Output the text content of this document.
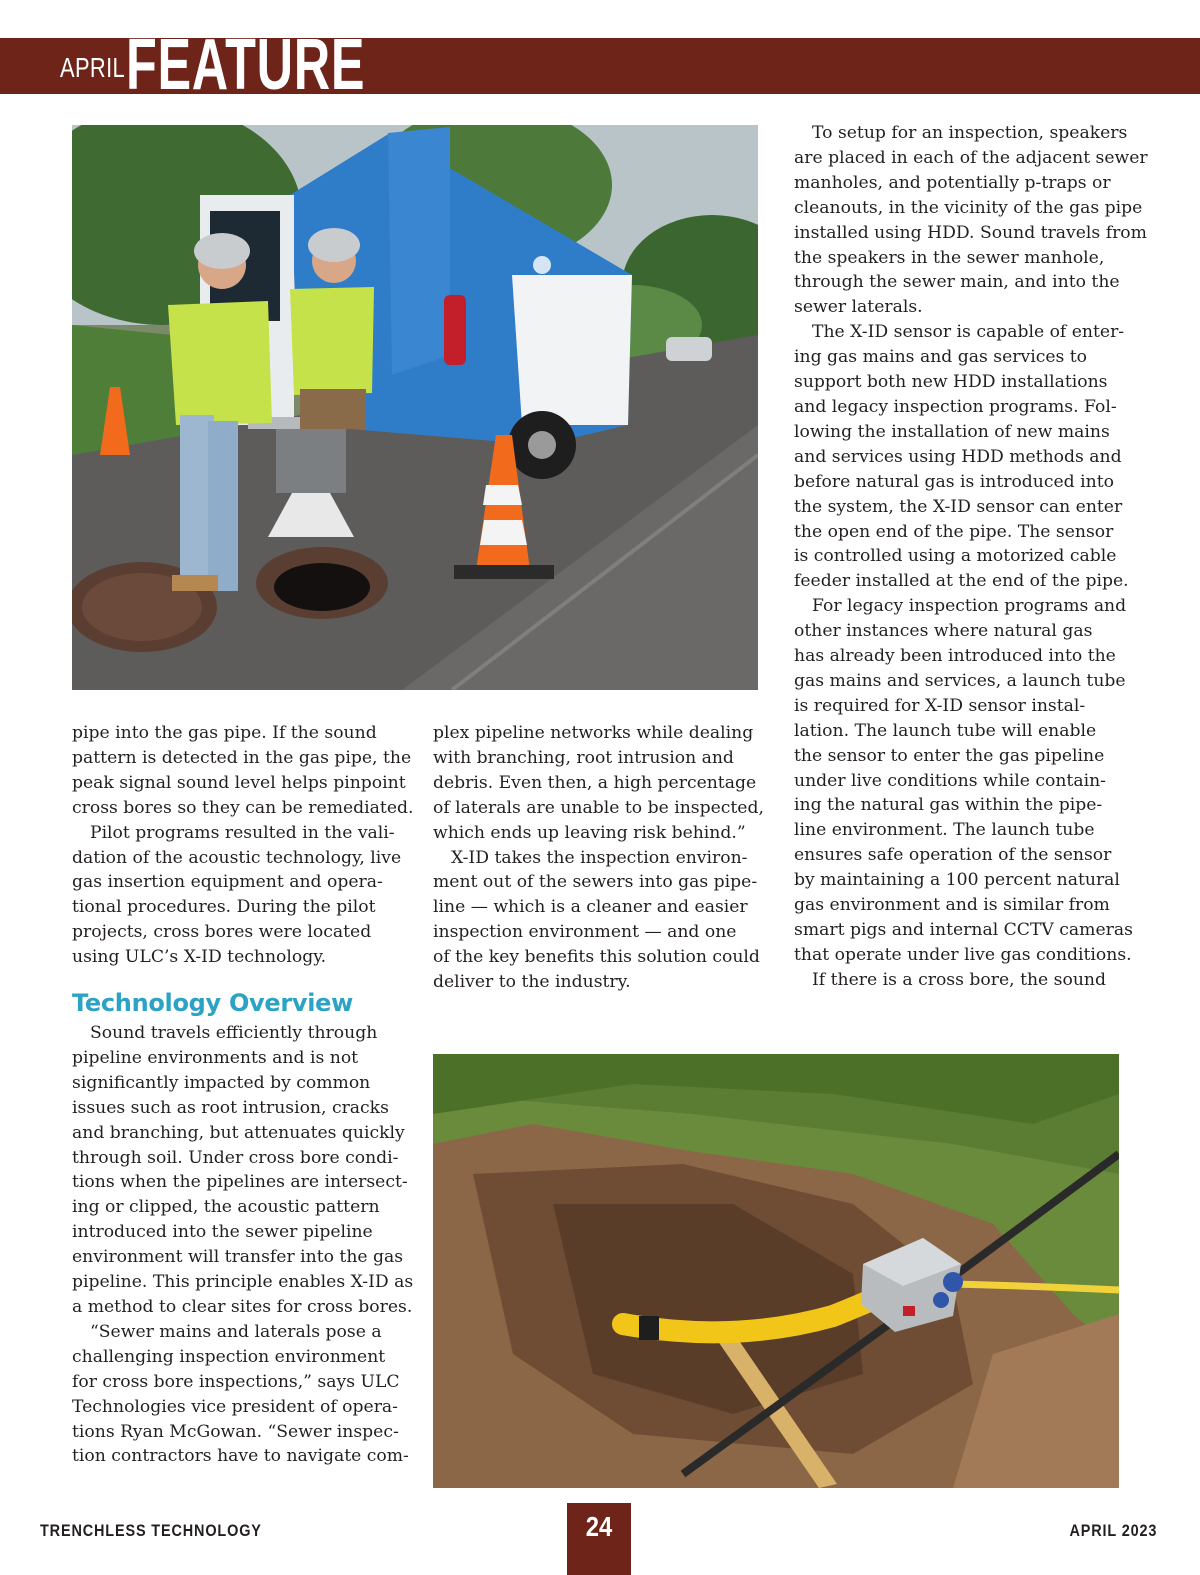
APRIL FEATURE
pipe into the gas pipe. If the sound
pattern is detected in the gas pipe, the
peak signal sound level helps pinpoint
cross bores so they can be remediated.
Pilot programs resulted in the vali-
dation of the acoustic technology, live
gas insertion equipment and opera-
tional procedures. During the pilot
projects, cross bores were located
using ULC’s X-ID technology.
Technology Overview
Sound travels efficiently through
pipeline environments and is not
significantly impacted by common
issues such as root intrusion, cracks
and branching, but attenuates quickly
through soil. Under cross bore condi-
tions when the pipelines are intersect-
ing or clipped, the acoustic pattern
introduced into the sewer pipeline
environment will transfer into the gas
pipeline. This principle enables X-ID as
a method to clear sites for cross bores.
“Sewer mains and laterals pose a
challenging inspection environment
for cross bore inspections,” says ULC
Technologies vice president of opera-
tions Ryan McGowan. “Sewer inspec-
tion contractors have to navigate com-
plex pipeline networks while dealing
with branching, root intrusion and
debris. Even then, a high percentage
of laterals are unable to be inspected,
which ends up leaving risk behind.”
X-ID takes the inspection environ-
ment out of the sewers into gas pipe-
line — which is a cleaner and easier
inspection environment — and one
of the key benefits this solution could
deliver to the industry.
To setup for an inspection, speakers
are placed in each of the adjacent sewer
manholes, and potentially p-traps or
cleanouts, in the vicinity of the gas pipe
installed using HDD. Sound travels from
the speakers in the sewer manhole,
through the sewer main, and into the
sewer laterals.
The X-ID sensor is capable of enter-
ing gas mains and gas services to
support both new HDD installations
and legacy inspection programs. Fol-
lowing the installation of new mains
and services using HDD methods and
before natural gas is introduced into
the system, the X-ID sensor can enter
the open end of the pipe. The sensor
is controlled using a motorized cable
feeder installed at the end of the pipe.
For legacy inspection programs and
other instances where natural gas
has already been introduced into the
gas mains and services, a launch tube
is required for X-ID sensor instal-
lation. The launch tube will enable
the sensor to enter the gas pipeline
under live conditions while contain-
ing the natural gas within the pipe-
line environment. The launch tube
ensures safe operation of the sensor
by maintaining a 100 percent natural
gas environment and is similar from
smart pigs and internal CCTV cameras
that operate under live gas conditions.
If there is a cross bore, the sound
TRENCHLESS TECHNOLOGY	24	APRIL 2023
